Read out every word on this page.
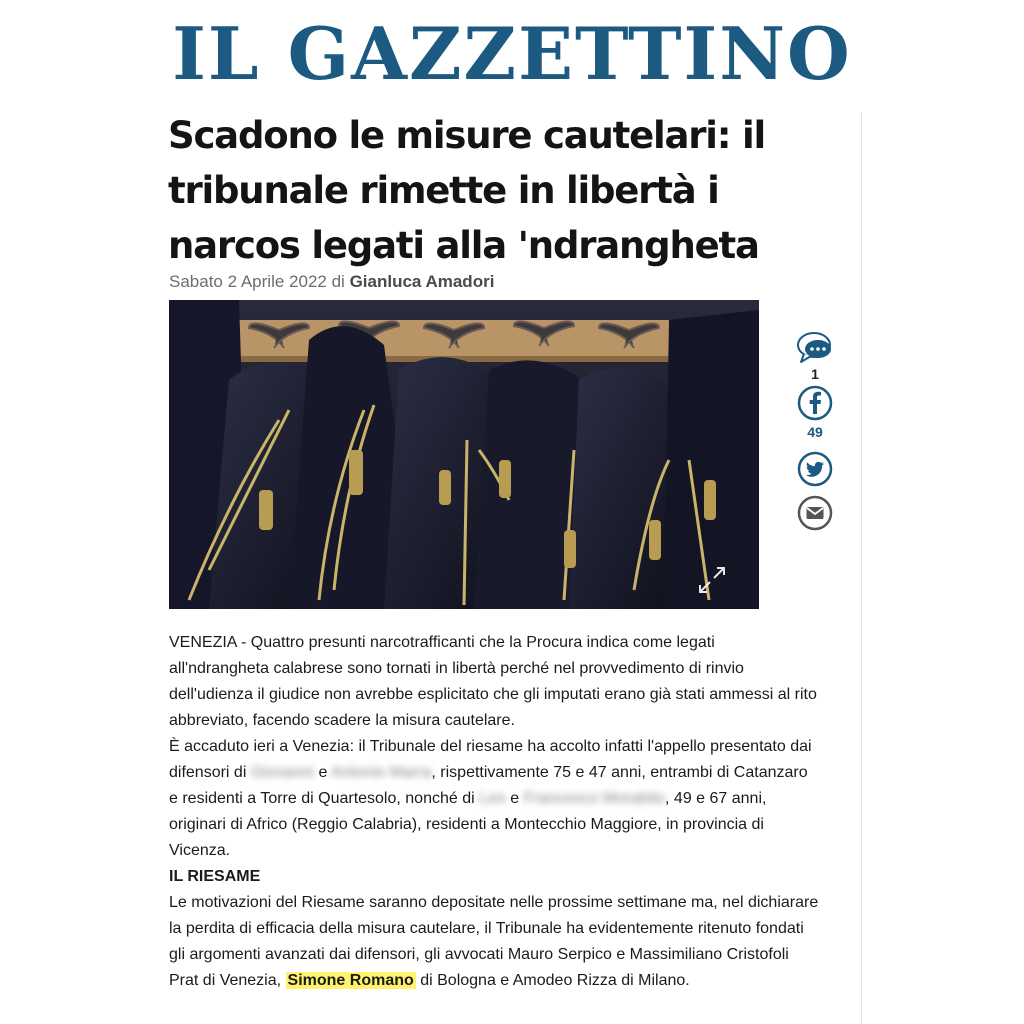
IL GAZZETTINO
Scadono le misure cautelari: il tribunale rimette in libertà i narcos legati alla 'ndrangheta
Sabato 2 Aprile 2022 di Gianluca Amadori
1
49

VENEZIA - Quattro presunti narcotrafficanti che la Procura indica come legati all'ndrangheta calabrese sono tornati in libertà perché nel provvedimento di rinvio dell'udienza il giudice non avrebbe esplicitato che gli imputati erano già stati ammessi al rito abbreviato, facendo scadere la misura cautelare.

È accaduto ieri a Venezia: il Tribunale del riesame ha accolto infatti l'appello presentato dai difensori di Giovanni e Antonio Marra, rispettivamente 75 e 47 anni, entrambi di Catanzaro e residenti a Torre di Quartesolo, nonché di Leo e Francesco Morabito, 49 e 67 anni, originari di Africo (Reggio Calabria), residenti a Montecchio Maggiore, in provincia di Vicenza.

IL RIESAME

Le motivazioni del Riesame saranno depositate nelle prossime settimane ma, nel dichiarare la perdita di efficacia della misura cautelare, il Tribunale ha evidentemente ritenuto fondati gli argomenti avanzati dai difensori, gli avvocati Mauro Serpico e Massimiliano Cristofoli Prat di Venezia, Simone Romano di Bologna e Amodeo Rizza di Milano.
